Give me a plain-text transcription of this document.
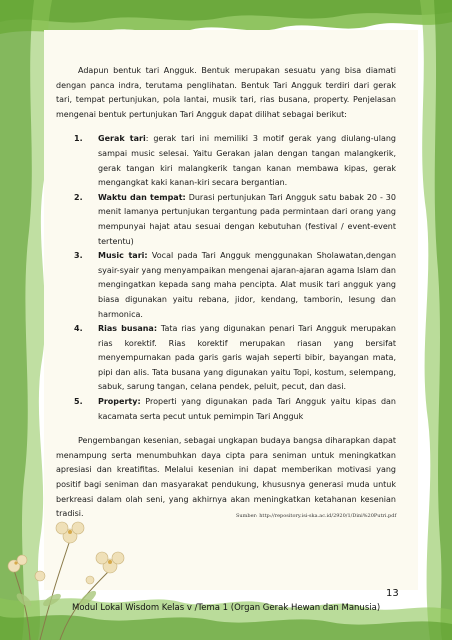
Adapun bentuk tari Angguk. Bentuk merupakan sesuatu yang bisa diamati dengan panca indra, terutama penglihatan. Bentuk Tari Angguk terdiri dari gerak tari, tempat pertunjukan, pola lantai, musik tari, rias busana, property. Penjelasan mengenai bentuk pertunjukan Tari Angguk dapat dilihat sebagai berikut:

1. Gerak tari: gerak tari ini memiliki 3 motif gerak yang diulang-ulang sampai music selesai. Yaitu Gerakan jalan dengan tangan malangkerik, gerak tangan kiri malangkerik tangan kanan membawa kipas, gerak mengangkat kaki kanan-kiri secara bergantian.
2. Waktu dan tempat: Durasi pertunjukan Tari Angguk satu babak 20 - 30 menit lamanya pertunjukan tergantung pada permintaan dari orang yang mempunyai hajat atau sesuai dengan kebutuhan (festival / event-event tertentu)
3. Music tari: Vocal pada Tari Angguk menggunakan Sholawatan,dengan syair-syair yang menyampaikan mengenai ajaran-ajaran agama Islam dan mengingatkan kepada sang maha pencipta. Alat musik tari angguk yang biasa digunakan yaitu rebana, jidor, kendang, tamborin, lesung dan harmonica.
4. Rias busana: Tata rias yang digunakan penari Tari Angguk merupakan rias korektif. Rias korektif merupakan riasan yang bersifat menyempurnakan pada garis garis wajah seperti bibir, bayangan mata, pipi dan alis. Tata busana yang digunakan yaitu Topi, kostum, selempang, sabuk, sarung tangan, celana pendek, peluit, pecut, dan dasi.
5. Property: Properti yang digunakan pada Tari Angguk yaitu kipas dan kacamata serta pecut untuk pemimpin Tari Angguk

Pengembangan kesenian, sebagai ungkapan budaya bangsa diharapkan dapat menampung serta menumbuhkan daya cipta para seniman untuk meningkatkan apresiasi dan kreatifitas. Melalui kesenian ini dapat memberikan motivasi yang positif bagi seniman dan masyarakat pendukung, khususnya generasi muda untuk berkreasi dalam olah seni, yang akhirnya akan meningkatkan ketahanan kesenian tradisi.	Sumber: http://repository.isi-ska.ac.id/2920/1/Dini%20Putri.pdf
13
Modul Lokal Wisdom Kelas v /Tema 1 (Organ Gerak Hewan dan Manusia)
